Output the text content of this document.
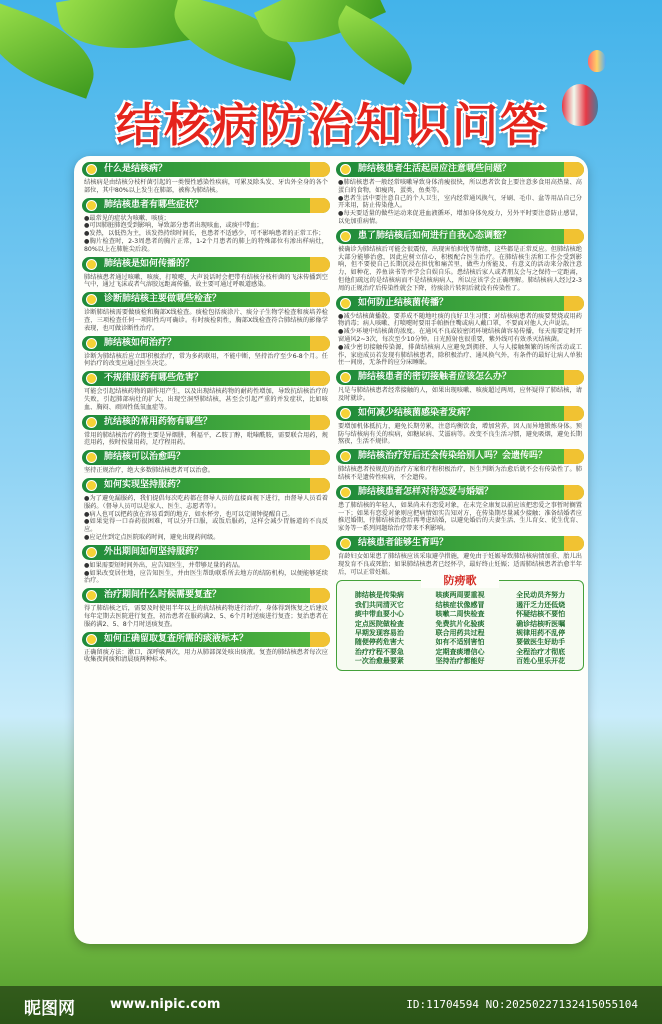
结核病防治知识问答
什么是结核病？

结核病是由结核分枝杆菌引起的一类慢性感染性疾病，可累及除头发、牙齿外全身的各个部位，其中80%以上发生在肺部，被称为肺结核。

肺结核患者有哪些症状？

●最常见的症状为咳嗽、咳痰；

●可因肺脏肺泡受到影响，导致部分患者出现咳血，或痰中带血；

●发热，以低热为主，该发热持续时间长，也患者不适感少，可不影响患者的正常工作；

●胸片检查时，2-3周患者的胸片正常，1-2个月患者的肺上的特殊部位有渗出样病灶，80%以上在肺脏尖后段。

肺结核是如何传播的？

肺结核患者通过咳嗽、咳痰，打喷嚏，大声说话时会把带有结核分枝杆菌的飞沫传播到空气中，通过飞沫或者气溶胶远距离传播，故主要可通过呼吸道感染。

诊断肺结核主要做哪些检查？

诊断肺结核需要做痰检和胸部X线检查。痰检包括痰涂片、痰分子生物学检查和痰培养检查，三项检查任何一项阳性均可确诊。有时痰检阴性，胸部X线检查符合肺结核的影像学表现，也可做诊断性治疗。

肺结核如何治疗？

诊断为肺结核后应立即积极治疗，常为多药联用，不能中断，坚持治疗至少6-8个月。任何治疗的改变应通过医生决定。

不规律服药有哪些危害？

可能会引起结核药物的副作用产生，以及出现结核药物的耐药性增加，导致抗结核治疗的失败，引起肺部病灶的扩大，出现空洞型肺结核，甚至会引起严重的并发症状，比如咳血、胸闷、顽固性低氧血症等。

抗结核的常用药物有哪些？

常用的肺结核治疗药物主要是异烟肼，利福平，乙胺丁醇，吡嗪酰胺，需要联合用药，规范用药，按时按量用药，足疗程用药。

肺结核可以治愈吗？

坚持正规治疗，绝大多数肺结核患者可以治愈。

如何实现坚持服药？

●为了避免漏服药，我们提倡每次吃药都在督导人员的直接面视下进行，由督导人员看着服药。（督导人员可以是家人、医生、志愿者等）。

●病人也可以把药放在容易看到的地方，如水杯旁，也可以定闹钟提醒自己。

●如果觉得一口吞药很困难，可以分开口服，或饭后服药，这样会减少胃肠道的不良反应。

●应记住到定点医院取药时间，避免出现药间级。

外出期间如何坚持服药？

●如果需要短时间外出，应告知医生，并带够足量的药品。

●如果改变居住地，应告知医生，并由医生帮助联系所去地方的结防机构，以便能够延续治疗。

治疗期间什么时候需要复查？

得了肺结核之后，需要及时使用半年以上的抗结核药物进行治疗，身体得到恢复之后建议每年定期去医院进行复查，初治患者在服药满2、5、6个月时送痰进行复查；复治患者在服药满2、5、8个月时送痰复查。

如何正确留取复查所需的痰液标本？

正确留痰方法：漱口，深呼吸两次，用力从肺部深处咳出痰液。复查的肺结核患者每次应收集夜间痰和清晨痰两种标本。

肺结核患者生活起居应注意哪些问题？

●肺结核患者一般经常咳嗽导致身体消瘦很快，所以患者饮食上要注意多食用高热量、高蛋白的食物，如瘦肉，蛋类，鱼类等。

●患者生活中要注意自己的个人卫生，室内经常通风换气，牙刷、毛巾、盆等用品自己分开来用，防止传染他人。

●每天要适量的做些运动来促进血液循环，增加身体免疫力，另外平时要注意防止感冒，以免加重病情。

患了肺结核后如何进行自我心态调整？

被确诊为肺结核后可能会很震惊，出现害怕担忧等情绪，这些都是正常反应。但肺结核绝大部分能够治愈，因此应树立信心，积极配合医生治疗。在肺结核生活和工作会受到影响，但不要使自己长期沉浸在担忧和痛苦里，做些力所能及、有意义的活动来分散注意力，如种花、养鱼读书等并学会自娱自乐。患结核后家人或者朋友会与之保持一定距离，但他们疏远的是结核病而不是结核病病人，所以应该学会正确理解。肺结核病人经过2-3周的正规治疗后传染性就会下降，待痰涂片转阴后就没有传染性了。

如何防止结核菌传播？

●减少结核菌播散。要养成不随地吐痰的良好卫生习惯；对结核病患者的痰要焚烧或用药物消毒；病人咳嗽、打喷嚏时要用手帕捂住嘴或病人戴口罩，不要面对他人大声说话。

●减少环境中结核菌的浓度。在通风不良或较密闭环境结核菌容易传播，每天需要定时开窗通风2~3次，每次至少10分钟。日光照射也很重要，紫外线可有效杀灭结核菌。

●减少密切接触传染源，排菌结核病人应避免到拥挤、人与人接触频繁的场所活动或工作，家庭成员若发现有肺结核患者，除积极治疗、通风换气外，有条件的最好让病人单独住一间房，无条件的应分床睡眠。

肺结核患者的密切接触者应该怎么办？

凡是与肺结核患者经常接触的人，如果出现咳嗽、咳痰超过两周，应怀疑得了肺结核，请及时就诊。

如何减少结核菌感染者发病？

要增加机体抵抗力，避免长期劳累，注意均衡饮食，增加营养，因人而异地锻炼身体。预防与结核病有关的疾病，如糖尿病、艾滋病等。改变不良生活习惯，避免吸烟，避免长期熬夜，生活不规律。

肺结核治疗好后还会传染给别人吗？会遗传吗？

肺结核患者按规范的治疗方案和疗程积极治疗，医生判断为治愈后就不会有传染性了。肺结核不是遗传性疾病，不会遗传。

肺结核患者怎样对待恋爱与婚姻？

患了肺结核的年轻人，如果尚未有恋爱对象，在未完全康复以前应该把恋爱之事暂时搁置一下；如果有恋爱对象则应把病情如实告知对方，在传染期尽量减少接触；准备结婚者应推迟婚期，待肺结核治愈后再考虑结婚，以避免婚后的夫妻生活、生儿育女、优生优育、家务等一系列问题给治疗带来不利影响。

结核患者能够生育吗？

育龄妇女如果患了肺结核应该采取避孕措施，避免由于妊娠导致肺结核病情加重、胎儿出现发育不良或死胎；如果肺结核患者已经怀孕，最好终止妊娠；适需肺结核患者治愈半年后，可以正常妊娠。

防痨歌
肺结核是传染病	咳痰两周要重视	全民动员齐努力
我们共同清灭它	结核症状像感冒	遏汗乏力还低烧
痰中带血要小心	咳嗽二周快检查	怀疑结核不要怕
定点医院做检查	免费抗片化验痰	确诊结核听医嘱
早期发现容易治	联合用药共过程	规律用药不乱停
随便停药危害大	如有不适别害怕	要做医生好助手
治疗疗程不要急	定期查痰增信心	全程治疗才彻底
一次治愈最要紧	坚持治疗都能好	百姓心里乐开花
昵图网	www.nipic.com	ID:11704594 NO:20250227132415055104
